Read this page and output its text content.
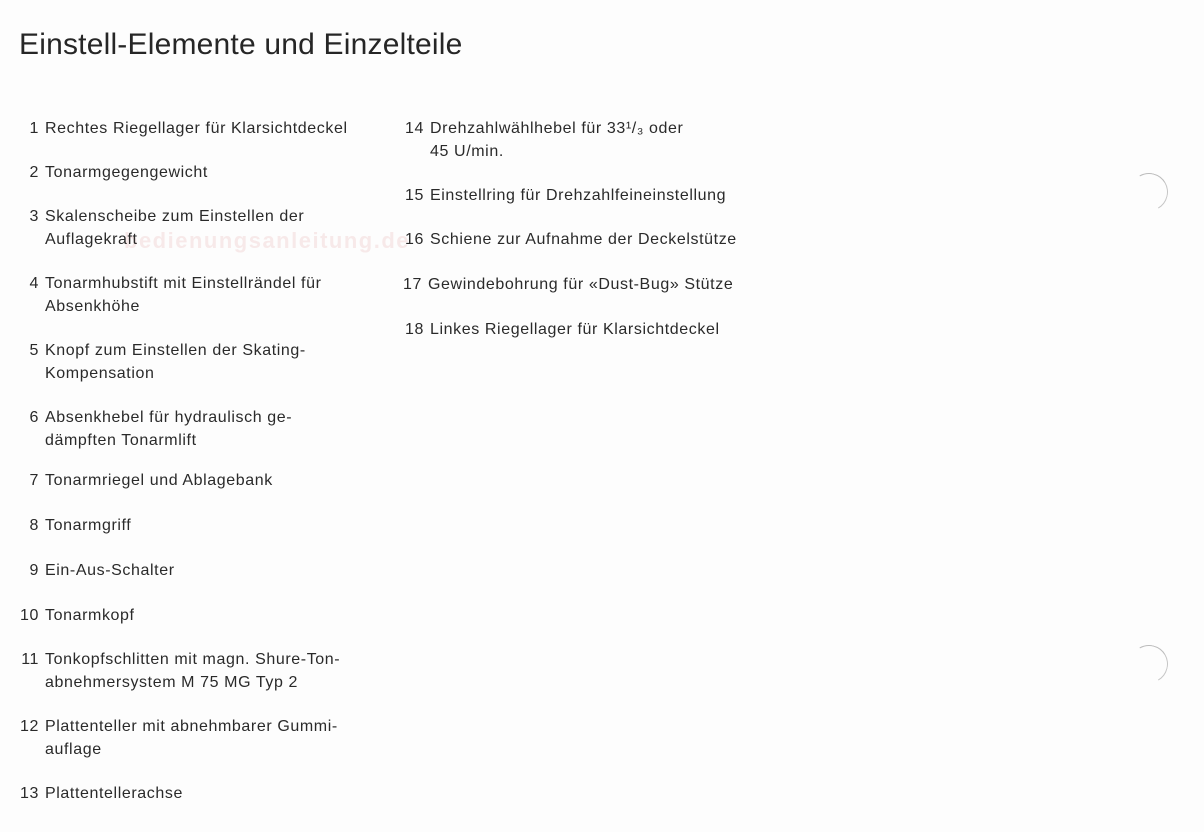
Einstell-Elemente und Einzelteile
bedienungsanleitung.de
1 Rechtes Riegellager für Klarsichtdeckel
2 Tonarmgegengewicht
3 Skalenscheibe zum Einstellen der
Auflagekraft
4 Tonarmhubstift mit Einstellrändel für
Absenkhöhe
5 Knopf zum Einstellen der Skating-
Kompensation
6 Absenkhebel für hydraulisch ge-
dämpften Tonarmlift
7 Tonarmriegel und Ablagebank
8 Tonarmgriff
9 Ein-Aus-Schalter
10 Tonarmkopf
11 Tonkopfschlitten mit magn. Shure-Ton-
abnehmersystem M 75 MG Typ 2
12 Plattenteller mit abnehmbarer Gummi-
auflage
13 Plattentellerachse
14 Drehzahlwählhebel für 33¹/₃ oder
45 U/min.
15 Einstellring für Drehzahlfeineinstellung
16 Schiene zur Aufnahme der Deckelstütze
17 Gewindebohrung für «Dust-Bug» Stütze
18 Linkes Riegellager für Klarsichtdeckel
